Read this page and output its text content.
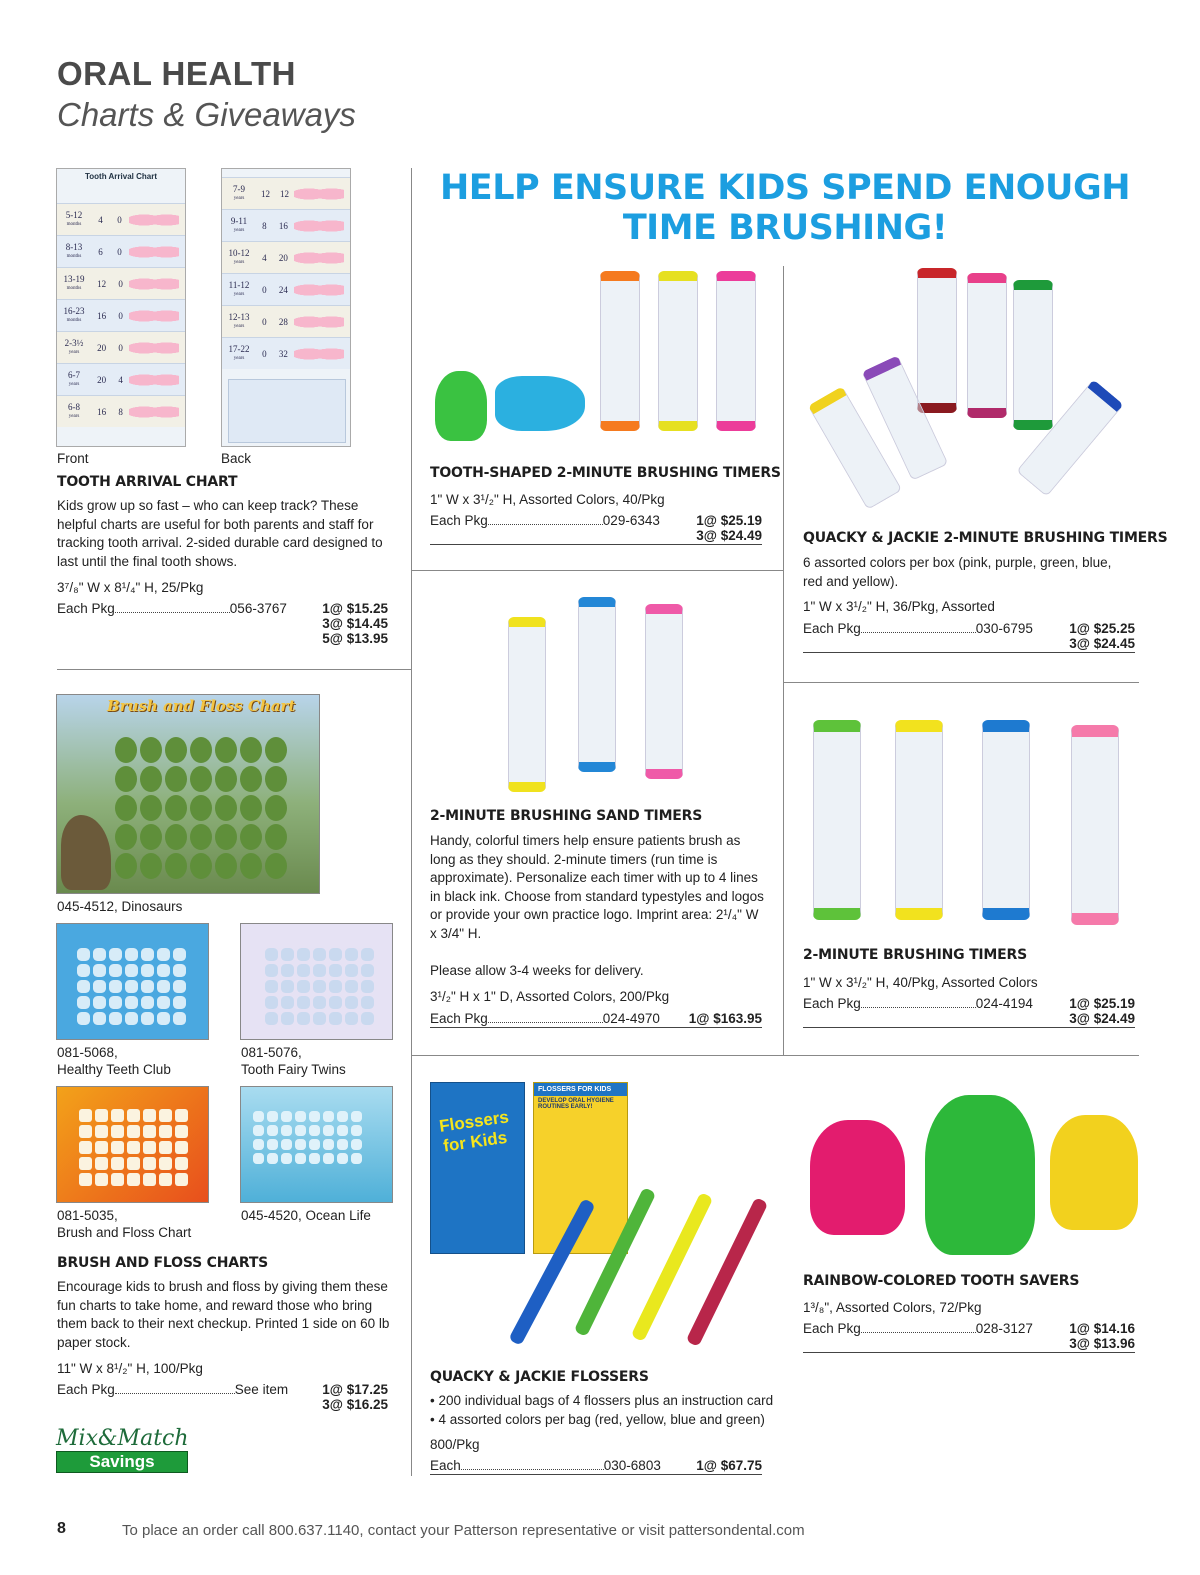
ORAL HEALTH
Charts & Giveaways
HELP ENSURE KIDS SPEND ENOUGH
TIME BRUSHING!
Tooth Arrival Chart
5-12
months	4 0
8-13
months	6 0
13-19
months	12 0
16-23
months	16 0
2-3½
years	20 0
6-7
years	20 4
6-8
years	16 8
7-9
years	12 12
9-11
years	8 16
10-12
years	4 20
11-12
years	0 24
12-13
years	0 28
17-22
years	0 32
Front	Back
TOOTH ARRIVAL CHART
Kids grow up so fast – who can keep track? These helpful charts are useful for both parents and staff for tracking tooth arrival. 2-sided durable card designed to last until the final tooth shows.
3⁷/₈" W x 8¹/₄" H, 25/Pkg
Each Pkg	056-3767	1@ $15.25
3@ $14.45
5@ $13.95
Brush and Floss Chart
045-4512, Dinosaurs
081-5068,
Healthy Teeth Club
081-5076,
Tooth Fairy Twins
081-5035,
Brush and Floss Chart
045-4520, Ocean Life
BRUSH AND FLOSS CHARTS
Encourage kids to brush and floss by giving them these fun charts to take home, and reward those who bring them back to their next checkup. Printed 1 side on 60 lb paper stock.
11" W x 8¹/₂" H, 100/Pkg
Each Pkg	See item	1@ $17.25
3@ $16.25
Mix&Match
Savings
TOOTH-SHAPED 2-MINUTE BRUSHING TIMERS
1" W x 3¹/₂" H, Assorted Colors, 40/Pkg
Each Pkg	029-6343	1@ $25.19
3@ $24.49
2-MINUTE BRUSHING SAND TIMERS
Handy, colorful timers help ensure patients brush as long as they should. 2-minute timers (run time is approximate). Personalize each timer with up to 4 lines in black ink. Choose from standard typestyles and logos or provide your own practice logo. Imprint area: 2¹/₄" W x 3/4" H.
Please allow 3-4 weeks for delivery.
3¹/₂" H x 1" D, Assorted Colors, 200/Pkg
Each Pkg	024-4970	1@ $163.95
Flossers
for Kids
FLOSSERS FOR KIDS
DEVELOP ORAL HYGIENE ROUTINES EARLY!
QUACKY & JACKIE FLOSSERS
• 200 individual bags of 4 flossers plus an instruction card
• 4 assorted colors per bag (red, yellow, blue and green)
800/Pkg
Each	030-6803	1@ $67.75
QUACKY & JACKIE 2-MINUTE BRUSHING TIMERS
6 assorted colors per box (pink, purple, green, blue, red and yellow).
1" W x 3¹/₂" H, 36/Pkg, Assorted
Each Pkg	030-6795	1@ $25.25
3@ $24.45
2-MINUTE BRUSHING TIMERS
1" W x 3¹/₂" H, 40/Pkg, Assorted Colors
Each Pkg	024-4194	1@ $25.19
3@ $24.49
RAINBOW-COLORED TOOTH SAVERS
1³/₈", Assorted Colors, 72/Pkg
Each Pkg	028-3127	1@ $14.16
3@ $13.96
8	To place an order call 800.637.1140, contact your Patterson representative or visit pattersondental.com
